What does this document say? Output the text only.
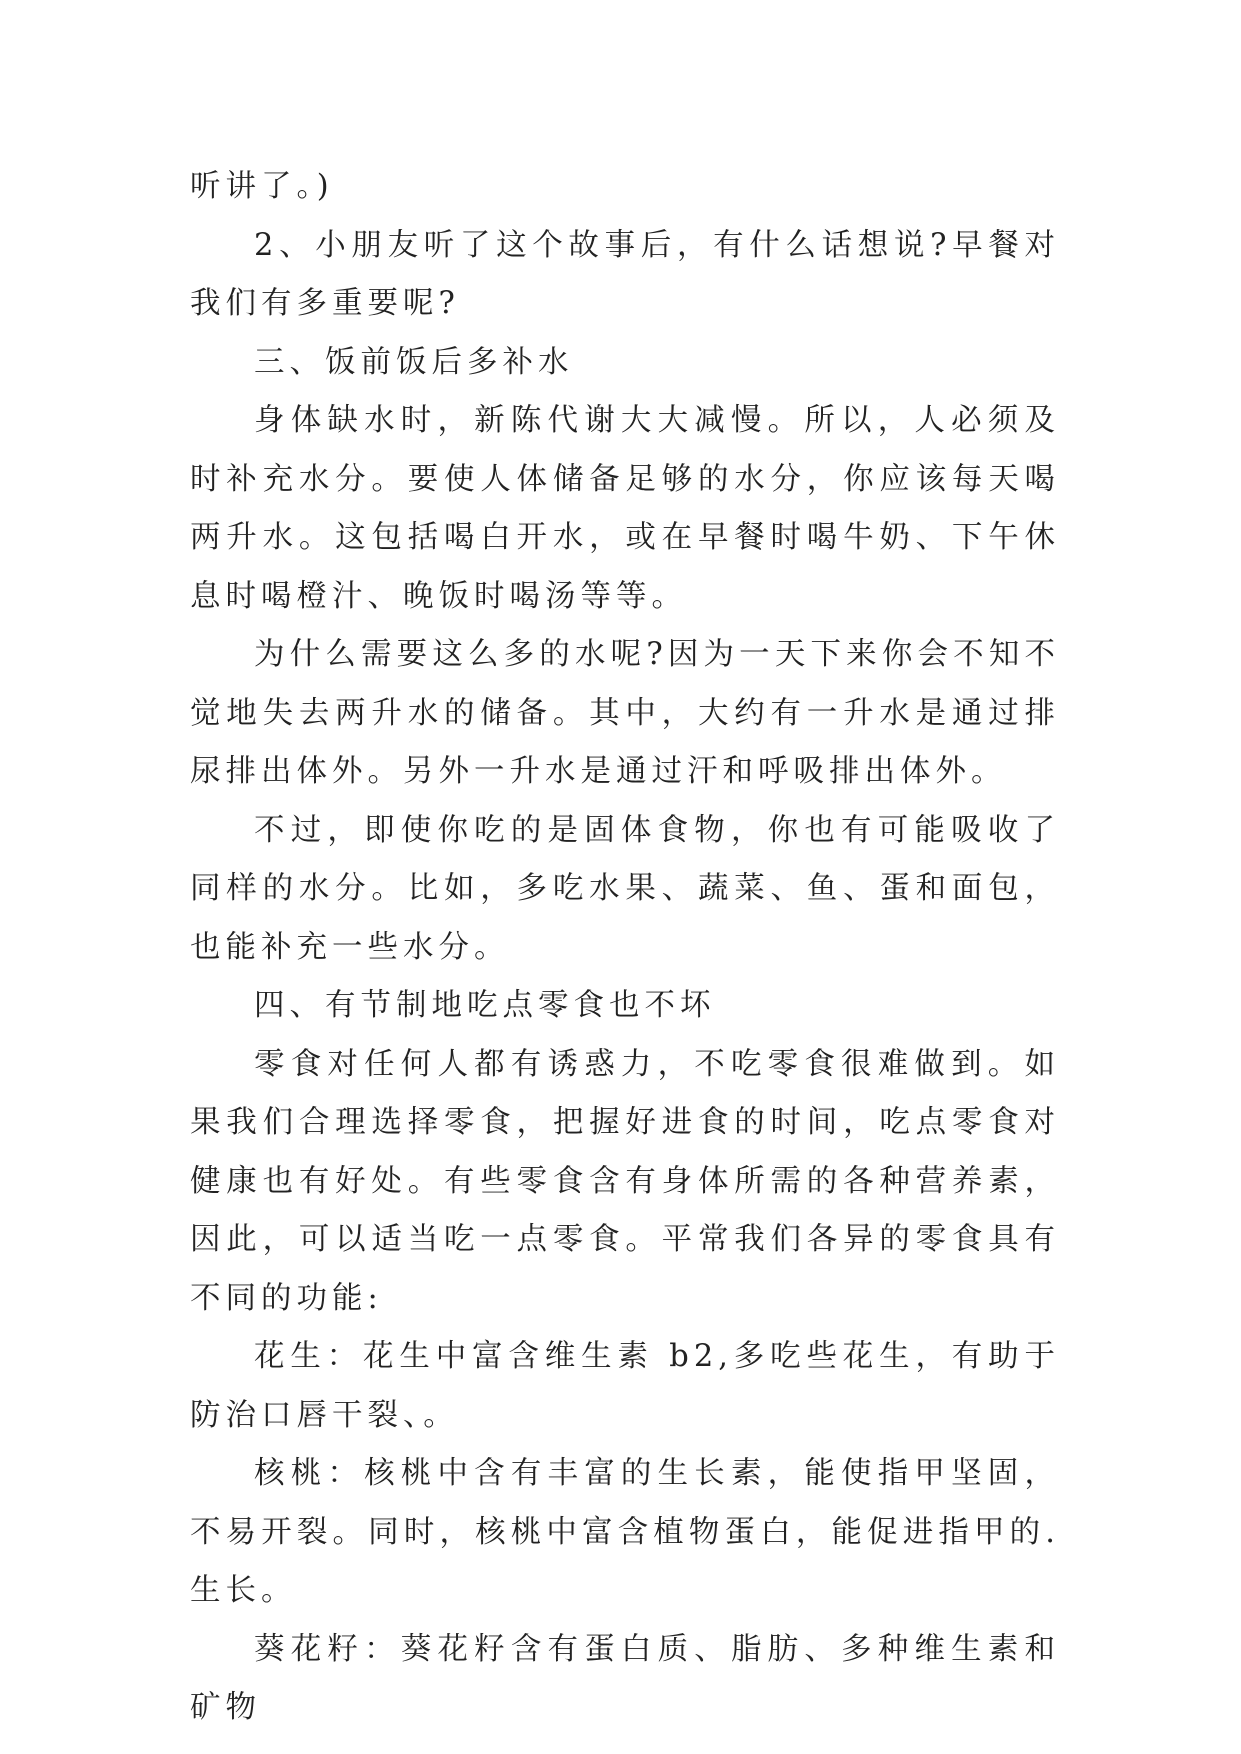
听讲了。)

2、小朋友听了这个故事后，有什么话想说?早餐对我们有多重要呢?

三、饭前饭后多补水

身体缺水时，新陈代谢大大减慢。所以，人必须及时补充水分。要使人体储备足够的水分，你应该每天喝两升水。这包括喝白开水，或在早餐时喝牛奶、下午休息时喝橙汁、晚饭时喝汤等等。

为什么需要这么多的水呢?因为一天下来你会不知不觉地失去两升水的储备。其中，大约有一升水是通过排尿排出体外。另外一升水是通过汗和呼吸排出体外。

不过，即使你吃的是固体食物，你也有可能吸收了同样的水分。比如，多吃水果、蔬菜、鱼、蛋和面包，也能补充一些水分。

四、有节制地吃点零食也不坏

零食对任何人都有诱惑力，不吃零食很难做到。如果我们合理选择零食，把握好进食的时间，吃点零食对健康也有好处。有些零食含有身体所需的各种营养素，因此，可以适当吃一点零食。平常我们各异的零食具有不同的功能:

花生：花生中富含维生素 b2,多吃些花生，有助于防治口唇干裂、。

核桃：核桃中含有丰富的生长素，能使指甲坚固，不易开裂。同时，核桃中富含植物蛋白，能促进指甲的.生长。

葵花籽：葵花籽含有蛋白质、脂肪、多种维生素和矿物
